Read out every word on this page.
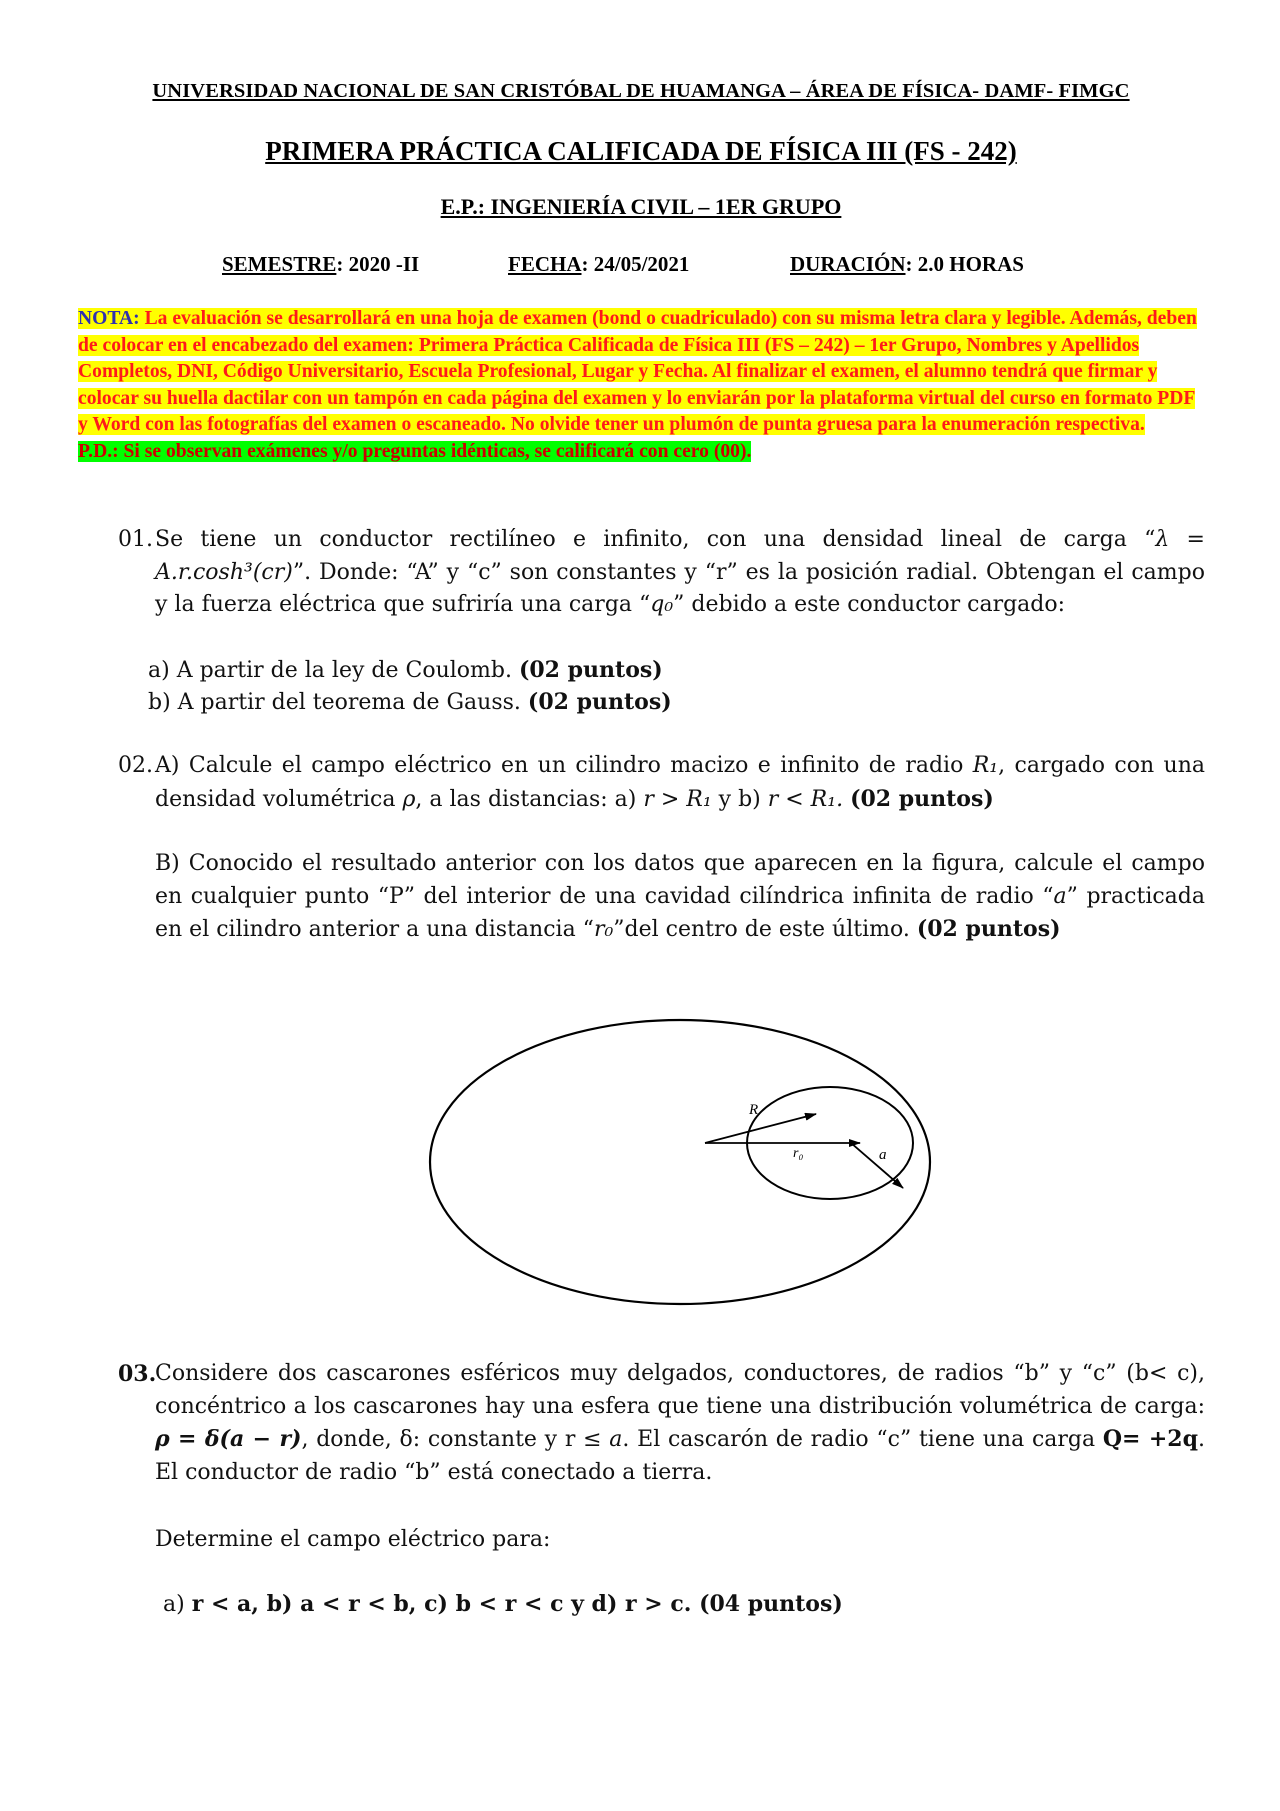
UNIVERSIDAD NACIONAL DE SAN CRISTÓBAL DE HUAMANGA – ÁREA DE FÍSICA- DAMF- FIMGC
PRIMERA PRÁCTICA CALIFICADA DE FÍSICA III (FS - 242)
E.P.: INGENIERÍA CIVIL – 1ER GRUPO
SEMESTRE: 2020 -II	FECHA: 24/05/2021	DURACIÓN: 2.0 HORAS
NOTA: La evaluación se desarrollará en una hoja de examen (bond o cuadriculado) con su misma letra clara y legible. Además, deben de colocar en el encabezado del examen: Primera Práctica Calificada de Física III (FS – 242) – 1er Grupo, Nombres y Apellidos Completos, DNI, Código Universitario, Escuela Profesional, Lugar y Fecha. Al finalizar el examen, el alumno tendrá que firmar y colocar su huella dactilar con un tampón en cada página del examen y lo enviarán por la plataforma virtual del curso en formato PDF y Word con las fotografías del examen o escaneado. No olvide tener un plumón de punta gruesa para la enumeración respectiva.
P.D.: Si se observan exámenes y/o preguntas idénticas, se calificará con cero (00).
01. Se tiene un conductor rectilíneo e infinito, con una densidad lineal de carga “λ = A.r.cosh³(cr)”. Donde: “A” y “c” son constantes y “r” es la posición radial. Obtengan el campo y la fuerza eléctrica que sufriría una carga “q₀” debido a este conductor cargado:
a) A partir de la ley de Coulomb. (02 puntos)
b) A partir del teorema de Gauss. (02 puntos)
02. A) Calcule el campo eléctrico en un cilindro macizo e infinito de radio R₁, cargado con una densidad volumétrica ρ, a las distancias: a) r > R₁ y b) r < R₁. (02 puntos)
B) Conocido el resultado anterior con los datos que aparecen en la figura, calcule el campo en cualquier punto “P” del interior de una cavidad cilíndrica infinita de radio “a” practicada en el cilindro anterior a una distancia “r₀”del centro de este último. (02 puntos)
R
r₀	a
03.
Considere dos cascarones esféricos muy delgados, conductores, de radios “b” y “c” (b< c), concéntrico a los cascarones hay una esfera que tiene una distribución volumétrica de carga: ρ = δ(a − r), donde, δ: constante y r ≤ a. El cascarón de radio “c” tiene una carga Q= +2q. El conductor de radio “b” está conectado a tierra.
Determine el campo eléctrico para:
a) r < a, b) a < r < b, c) b < r < c y d) r > c. (04 puntos)
